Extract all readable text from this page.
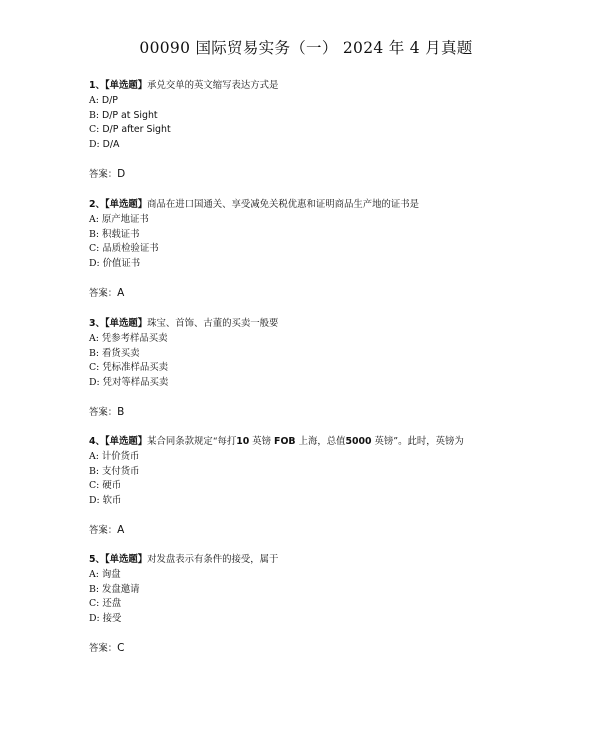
00090 国际贸易实务（一） 2024 年 4 月真题
1、【单选题】承兑交单的英文缩写表达方式是
A: D/P
B: D/P at Sight
C: D/P after Sight
D: D/A
答案：D
2、【单选题】商品在进口国通关、享受减免关税优惠和证明商品生产地的证书是
A: 原产地证书
B: 积载证书
C: 品质检验证书
D: 价值证书
答案：A
3、【单选题】珠宝、首饰、古董的买卖一般要
A: 凭参考样品买卖
B: 看货买卖
C: 凭标准样品买卖
D: 凭对等样品买卖
答案：B
4、【单选题】某合同条款规定“每打10 英镑 FOB 上海，总值5000 英镑”。此时，英镑为
A: 计价货币
B: 支付货币
C: 硬币
D: 软币
答案：A
5、【单选题】对发盘表示有条件的接受，属于
A: 询盘
B: 发盘邀请
C: 还盘
D: 接受
答案：C
